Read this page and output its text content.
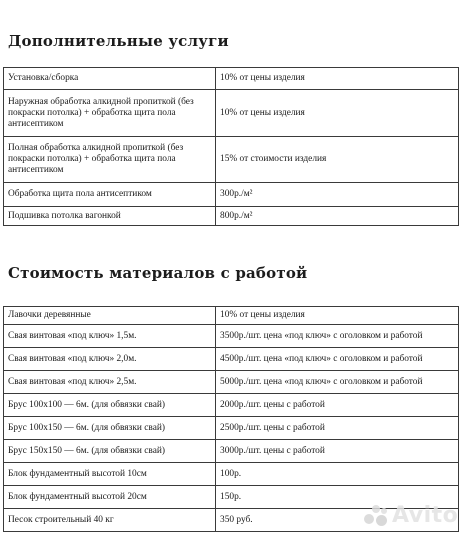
Дополнительные услуги
Установка/сборка	10% от цены изделия
Наружная обработка алкидной пропиткой (без покраски потолка) + обработка щита пола антисептиком	10% от цены изделия
Полная обработка алкидной пропиткой (без покраски потолка) + обработка щита пола антисептиком	15% от стоимости изделия
Обработка щита пола антисептиком	300р./м²
Подшивка потолка вагонкой	800р./м²
Стоимость материалов с работой
Лавочки деревянные	10% от цены изделия
Свая винтовая «под ключ» 1,5м.	3500р./шт. цена «под ключ» с оголовком и работой
Свая винтовая «под ключ» 2,0м.	4500р./шт. цена «под ключ» с оголовком и работой
Свая винтовая «под ключ» 2,5м.	5000р./шт. цена «под ключ» с оголовком и работой
Брус 100х100 — 6м. (для обвязки свай)	2000р./шт. цены с работой
Брус 100х150 — 6м. (для обвязки свай)	2500р./шт. цены с работой
Брус 150х150 — 6м. (для обвязки свай)	3000р./шт. цены с работой
Блок фундаментный высотой 10см	100р.
Блок фундаментный высотой 20см	150р.
Песок строительный 40 кг	350 руб.	Avito
